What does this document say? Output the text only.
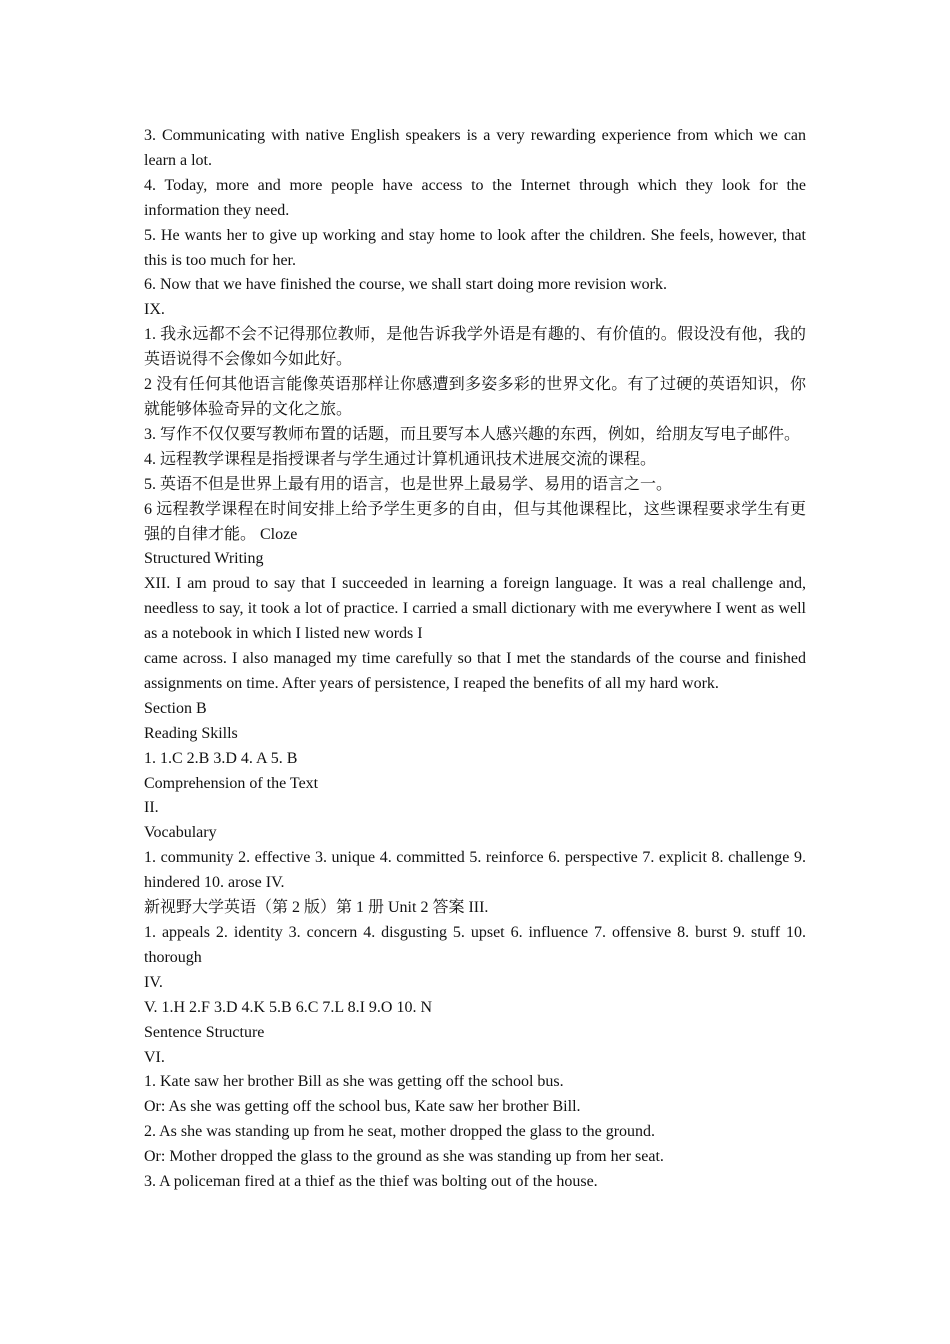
3. Communicating with native English speakers is a very rewarding experience from which we can learn a lot.

4. Today, more and more people have access to the Internet through which they look for the information they need.

5. He wants her to give up working and stay home to look after the children. She feels, however, that this is too much for her.

6. Now that we have finished the course, we shall start doing more revision work.

IX.

1. 我永远都不会不记得那位教师，是他告诉我学外语是有趣的、有价值的。假设没有他，我的英语说得不会像如今如此好。

2 没有任何其他语言能像英语那样让你感遭到多姿多彩的世界文化。有了过硬的英语知识，你就能够体验奇异的文化之旅。

3. 写作不仅仅要写教师布置的话题，而且要写本人感兴趣的东西，例如，给朋友写电子邮件。

4. 远程教学课程是指授课者与学生通过计算机通讯技术进展交流的课程。

5. 英语不但是世界上最有用的语言，也是世界上最易学、易用的语言之一。

6 远程教学课程在时间安排上给予学生更多的自由，但与其他课程比，这些课程要求学生有更强的自律才能。 Cloze

Structured Writing

XII. I am proud to say that I succeeded in learning a foreign language. It was a real challenge and, needless to say, it took a lot of practice. I carried a small dictionary with me everywhere I went as well as a notebook in which I listed new words I

came across. I also managed my time carefully so that I met the standards of the course and finished assignments on time. After years of persistence, I reaped the benefits of all my hard work.

Section B

Reading Skills

1. 1.C 2.B 3.D 4. A 5. B

Comprehension of the Text

II.

Vocabulary

1. community 2. effective 3. unique 4. committed 5. reinforce 6. perspective 7. explicit 8. challenge 9. hindered 10. arose IV.

新视野大学英语（第 2 版）第 1 册 Unit 2 答案 III.

1. appeals 2. identity 3. concern 4. disgusting 5. upset 6. influence 7. offensive 8. burst 9. stuff 10. thorough

IV.

V. 1.H 2.F 3.D 4.K 5.B 6.C 7.L 8.I 9.O 10. N

Sentence Structure

VI.

1. Kate saw her brother Bill as she was getting off the school bus.

Or: As she was getting off the school bus, Kate saw her brother Bill.

2. As she was standing up from he seat, mother dropped the glass to the ground.

Or: Mother dropped the glass to the ground as she was standing up from her seat.

3. A policeman fired at a thief as the thief was bolting out of the house.
